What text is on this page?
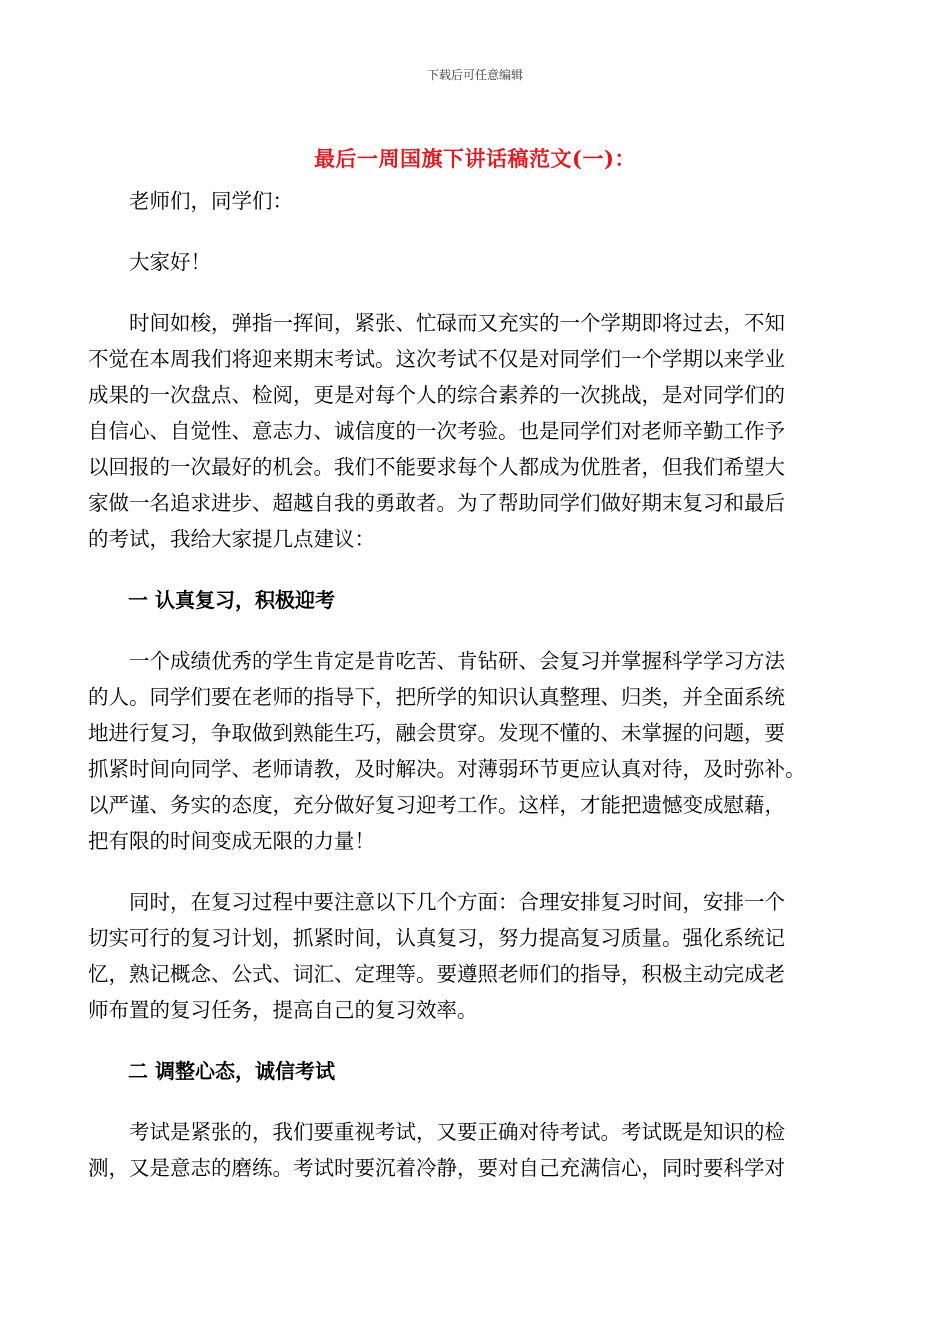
下载后可任意编辑
最后一周国旗下讲话稿范文(一)：

老师们，同学们：

大家好！

时间如梭，弹指一挥间，紧张、忙碌而又充实的一个学期即将过去，不知
不觉在本周我们将迎来期末考试。这次考试不仅是对同学们一个学期以来学业
成果的一次盘点、检阅，更是对每个人的综合素养的一次挑战，是对同学们的
自信心、自觉性、意志力、诚信度的一次考验。也是同学们对老师辛勤工作予
以回报的一次最好的机会。我们不能要求每个人都成为优胜者，但我们希望大
家做一名追求进步、超越自我的勇敢者。为了帮助同学们做好期末复习和最后
的考试，我给大家提几点建议：

一 认真复习，积极迎考

一个成绩优秀的学生肯定是肯吃苦、肯钻研、会复习并掌握科学学习方法
的人。同学们要在老师的指导下，把所学的知识认真整理、归类，并全面系统
地进行复习，争取做到熟能生巧，融会贯穿。发现不懂的、未掌握的问题，要
抓紧时间向同学、老师请教，及时解决。对薄弱环节更应认真对待，及时弥补。
以严谨、务实的态度，充分做好复习迎考工作。这样，才能把遗憾变成慰藉，
把有限的时间变成无限的力量！

同时，在复习过程中要注意以下几个方面：合理安排复习时间，安排一个
切实可行的复习计划，抓紧时间，认真复习，努力提高复习质量。强化系统记
忆，熟记概念、公式、词汇、定理等。要遵照老师们的指导，积极主动完成老
师布置的复习任务，提高自己的复习效率。

二 调整心态，诚信考试

考试是紧张的，我们要重视考试，又要正确对待考试。考试既是知识的检
测，又是意志的磨练。考试时要沉着冷静，要对自己充满信心，同时要科学对
